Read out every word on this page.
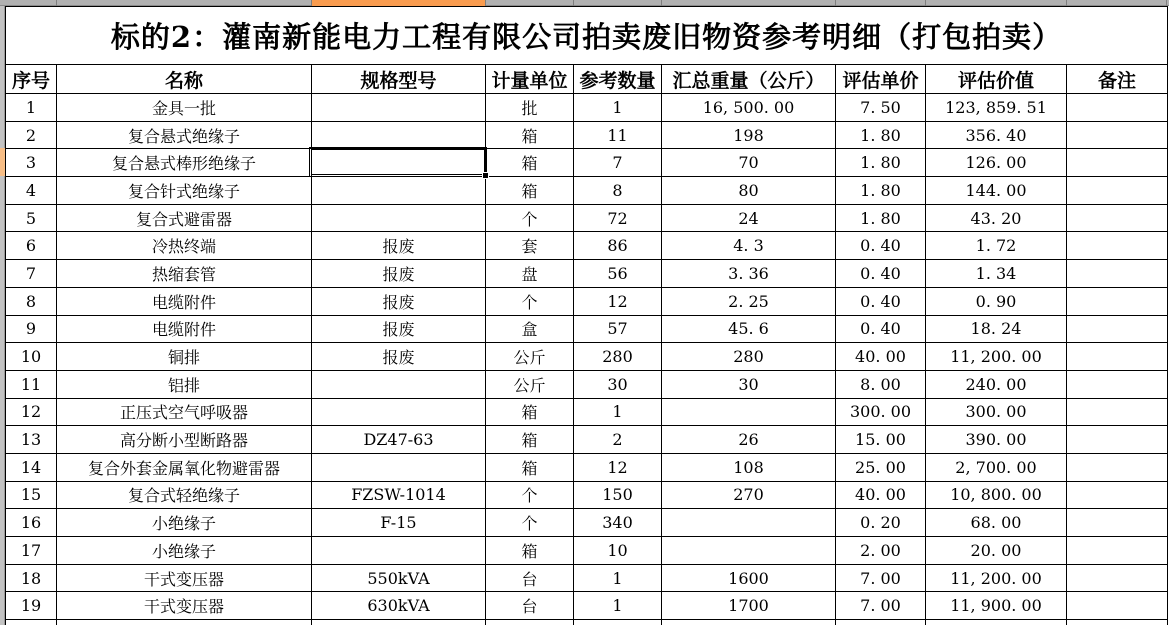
标的2：灌南新能电力工程有限公司拍卖废旧物资参考明细（打包拍卖）								
序号	名称	规格型号	计量单位	参考数量	汇总重量（公斤）	评估单价	评估价值	备注
1	金具一批		批	1	16, 500. 00	7. 50	123, 859. 51	
2	复合悬式绝缘子		箱	11	198	1. 80	356. 40	
3	复合悬式棒形绝缘子		箱	7	70	1. 80	126. 00	
4	复合针式绝缘子		箱	8	80	1. 80	144. 00	
5	复合式避雷器		个	72	24	1. 80	43. 20	
6	冷热终端	报废	套	86	4. 3	0. 40	1. 72	
7	热缩套管	报废	盘	56	3. 36	0. 40	1. 34	
8	电缆附件	报废	个	12	2. 25	0. 40	0. 90	
9	电缆附件	报废	盒	57	45. 6	0. 40	18. 24	
10	铜排	报废	公斤	280	280	40. 00	11, 200. 00	
11	铝排		公斤	30	30	8. 00	240. 00	
12	正压式空气呼吸器		箱	1		300. 00	300. 00	
13	高分断小型断路器	DZ47-63	箱	2	26	15. 00	390. 00	
14	复合外套金属氧化物避雷器		箱	12	108	25. 00	2, 700. 00	
15	复合式轻绝缘子	FZSW-1014	个	150	270	40. 00	10, 800. 00	
16	小绝缘子	F-15	个	340		0. 20	68. 00	
17	小绝缘子		箱	10		2. 00	20. 00	
18	干式变压器	550kVA	台	1	1600	7. 00	11, 200. 00	
19	干式变压器	630kVA	台	1	1700	7. 00	11, 900. 00	
